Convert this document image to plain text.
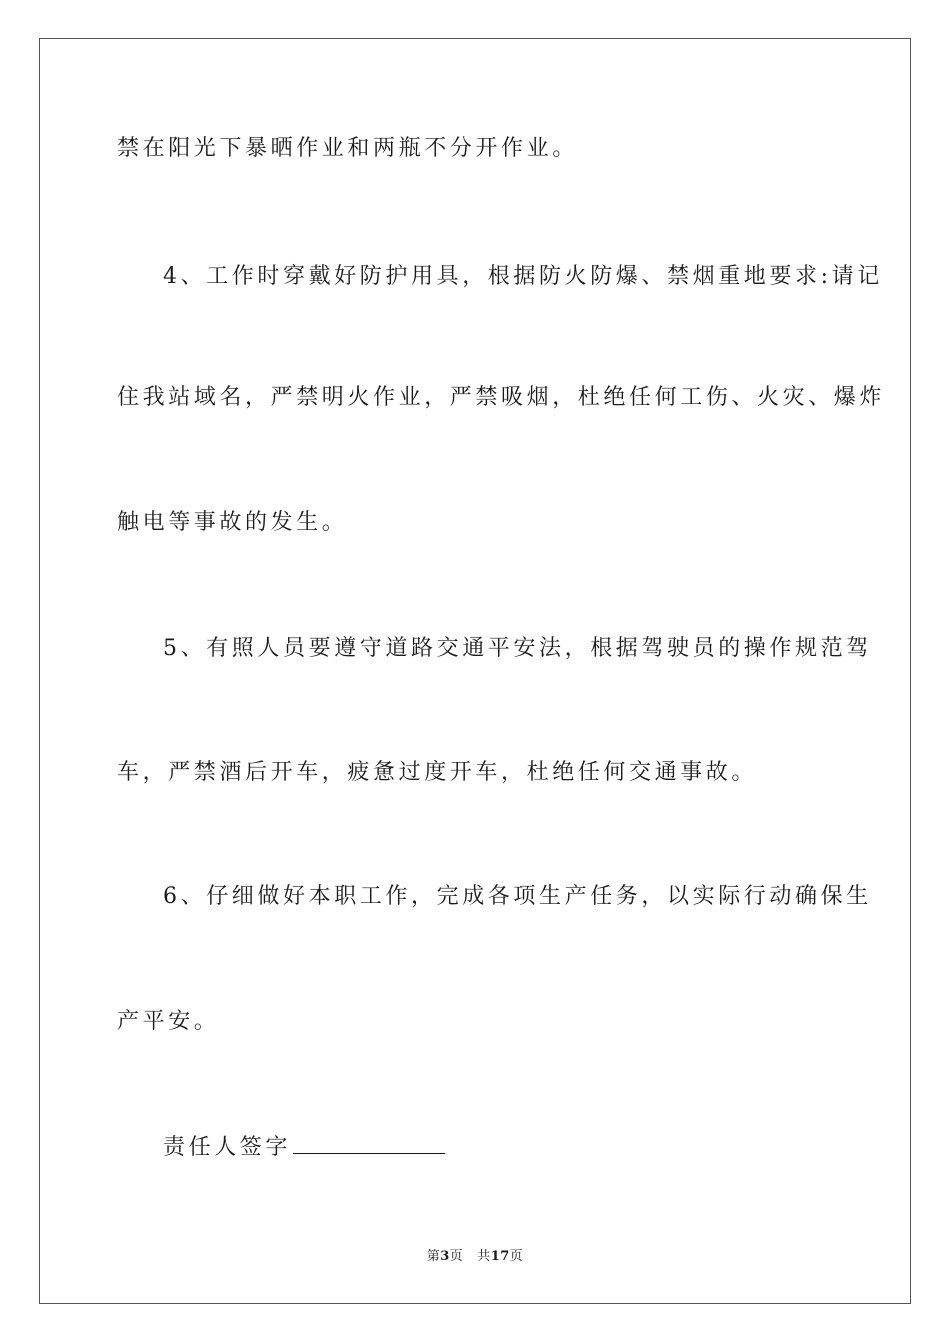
禁在阳光下暴晒作业和两瓶不分开作业。
4、工作时穿戴好防护用具，根据防火防爆、禁烟重地要求:请记
住我站域名，严禁明火作业，严禁吸烟，杜绝任何工伤、火灾、爆炸
触电等事故的发生。
5、有照人员要遵守道路交通平安法，根据驾驶员的操作规范驾
车，严禁酒后开车，疲惫过度开车，杜绝任何交通事故。
6、仔细做好本职工作，完成各项生产任务，以实际行动确保生
产平安。
责任人签字
第3页 共17页
